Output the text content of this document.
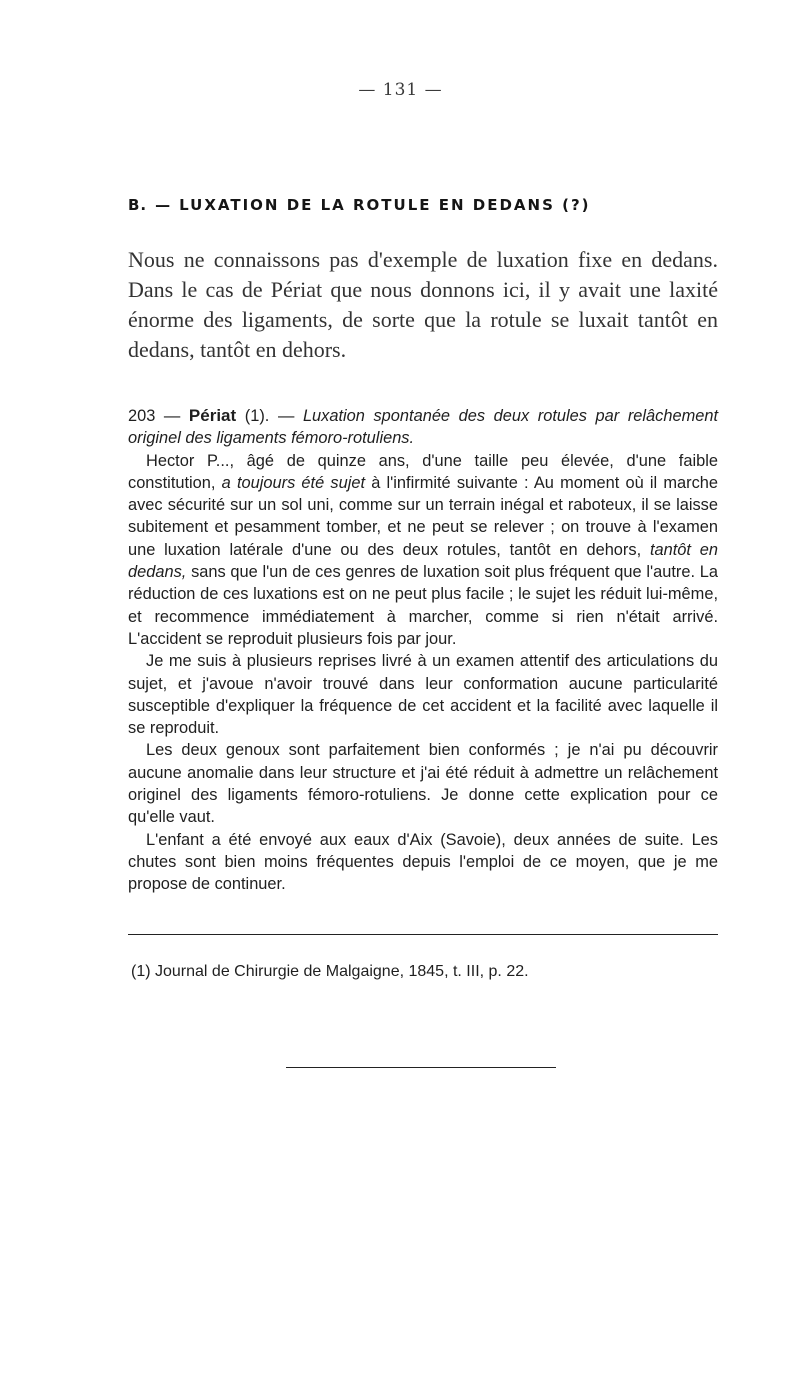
— 131 —
B. — LUXATION DE LA ROTULE EN DEDANS (?)

Nous ne connaissons pas d'exemple de luxation fixe en dedans. Dans le cas de Périat que nous donnons ici, il y avait une laxité énorme des ligaments, de sorte que la rotule se luxait tantôt en dedans, tantôt en dehors.

203 — Périat (1). — Luxation spontanée des deux rotules par relâchement originel des ligaments fémoro-rotuliens.

Hector P..., âgé de quinze ans, d'une taille peu élevée, d'une faible constitution, a toujours été sujet à l'infirmité suivante : Au moment où il marche avec sécurité sur un sol uni, comme sur un terrain inégal et raboteux, il se laisse subitement et pesamment tomber, et ne peut se relever ; on trouve à l'examen une luxation latérale d'une ou des deux rotules, tantôt en dehors, tantôt en dedans, sans que l'un de ces genres de luxation soit plus fréquent que l'autre. La réduction de ces luxations est on ne peut plus facile ; le sujet les réduit lui-même, et recommence immédiatement à marcher, comme si rien n'était arrivé. L'accident se reproduit plusieurs fois par jour.

Je me suis à plusieurs reprises livré à un examen attentif des articulations du sujet, et j'avoue n'avoir trouvé dans leur conformation aucune particularité susceptible d'expliquer la fréquence de cet accident et la facilité avec laquelle il se reproduit.

Les deux genoux sont parfaitement bien conformés ; je n'ai pu découvrir aucune anomalie dans leur structure et j'ai été réduit à admettre un relâchement originel des ligaments fémoro-rotuliens. Je donne cette explication pour ce qu'elle vaut.

L'enfant a été envoyé aux eaux d'Aix (Savoie), deux années de suite. Les chutes sont bien moins fréquentes depuis l'emploi de ce moyen, que je me propose de continuer.

(1) Journal de Chirurgie de Malgaigne, 1845, t. III, p. 22.
